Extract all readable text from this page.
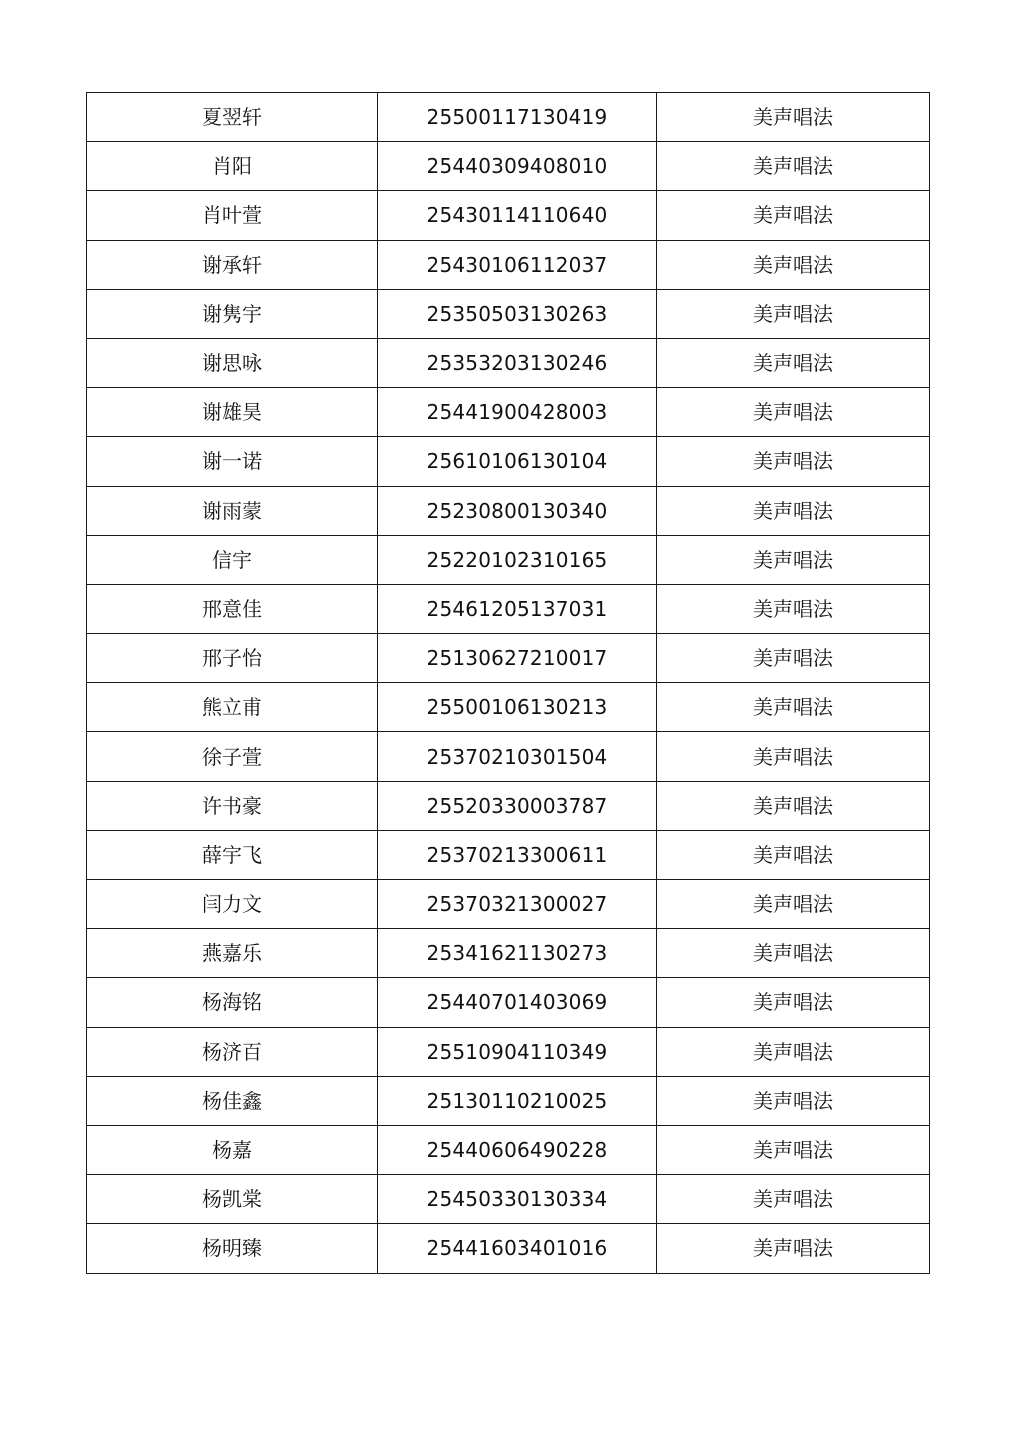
夏翌轩	25500117130419	美声唱法
肖阳	25440309408010	美声唱法
肖叶萱	25430114110640	美声唱法
谢承轩	25430106112037	美声唱法
谢隽宇	25350503130263	美声唱法
谢思咏	25353203130246	美声唱法
谢雄昊	25441900428003	美声唱法
谢一诺	25610106130104	美声唱法
谢雨蒙	25230800130340	美声唱法
信宇	25220102310165	美声唱法
邢意佳	25461205137031	美声唱法
邢子怡	25130627210017	美声唱法
熊立甫	25500106130213	美声唱法
徐子萱	25370210301504	美声唱法
许书豪	25520330003787	美声唱法
薛宇飞	25370213300611	美声唱法
闫力文	25370321300027	美声唱法
燕嘉乐	25341621130273	美声唱法
杨海铭	25440701403069	美声唱法
杨济百	25510904110349	美声唱法
杨佳鑫	25130110210025	美声唱法
杨嘉	25440606490228	美声唱法
杨凯棠	25450330130334	美声唱法
杨明臻	25441603401016	美声唱法
